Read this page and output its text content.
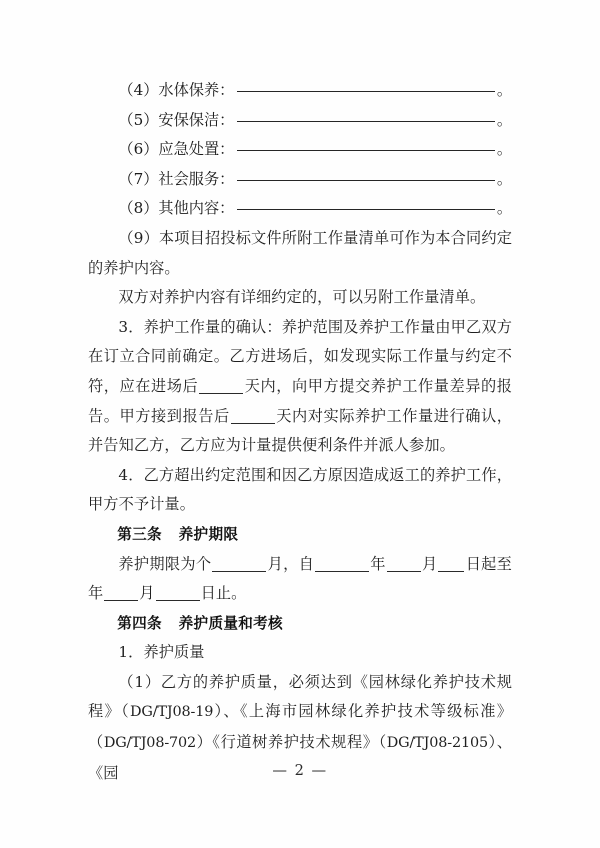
（4）水体保养：	。
（5）安保保洁：	。
（6）应急处置：	。
（7）社会服务：	。
（8）其他内容：	。

（9）本项目招投标文件所附工作量清单可作为本合同约定的养护内容。

双方对养护内容有详细约定的，可以另附工作量清单。

3．养护工作量的确认：养护范围及养护工作量由甲乙双方在订立合同前确定。乙方进场后，如发现实际工作量与约定不符，应在进场后	天内，向甲方提交养护工作量差异的报告。甲方接到报告后	天内对实际养护工作量进行确认，并告知乙方，乙方应为计量提供便利条件并派人参加。

4．乙方超出约定范围和因乙方原因造成返工的养护工作，甲方不予计量。

第三条 养护期限

养护期限为个	月，自	年 月 日起至年 月	日止。

第四条 养护质量和考核

1．养护质量

（1）乙方的养护质量，必须达到《园林绿化养护技术规程》（DG/TJ08-19）、《上海市园林绿化养护技术等级标准》（DG/TJ08-702）《行道树养护技术规程》（DG/TJ08-2105）、《园	— 2 —
